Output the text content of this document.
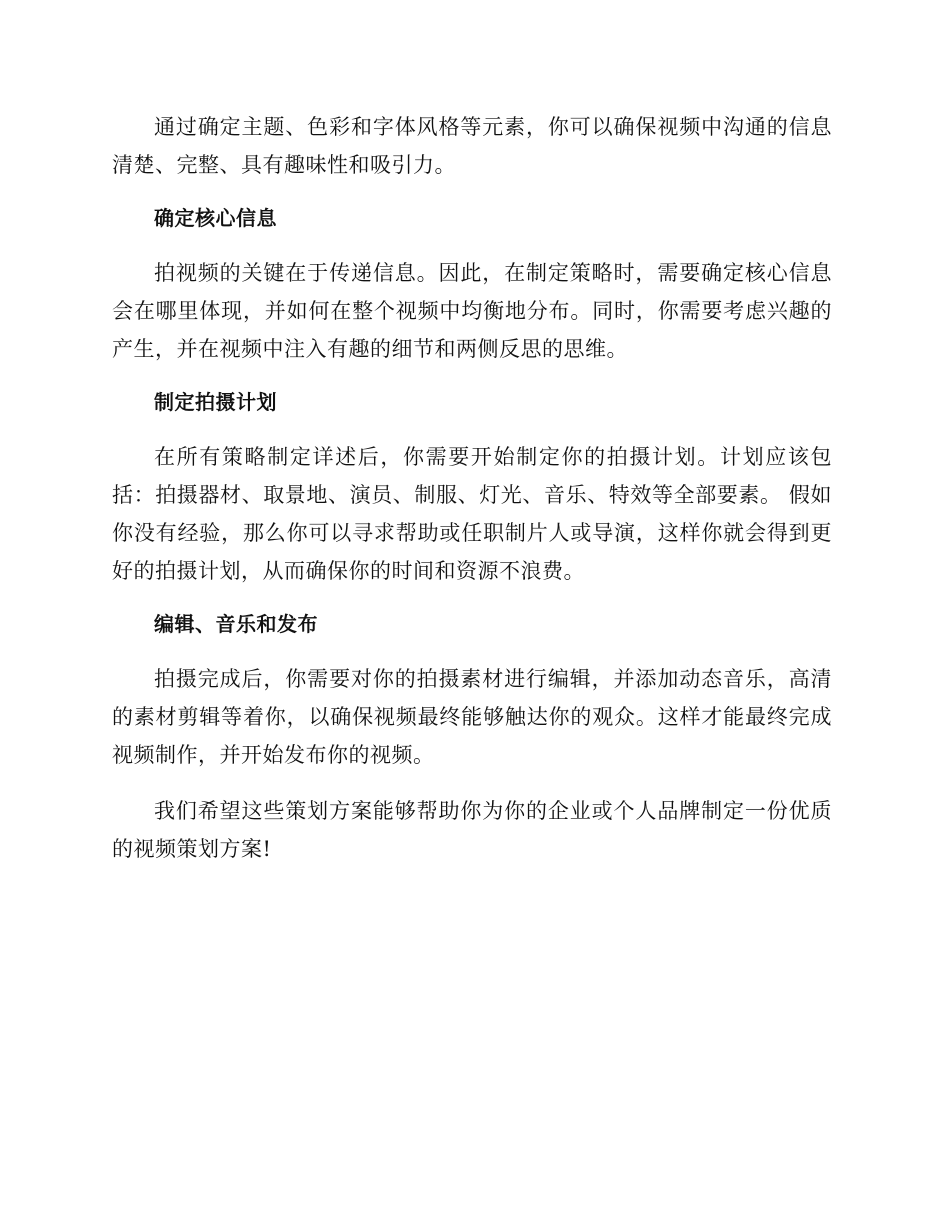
通过确定主题、色彩和字体风格等元素，你可以确保视频中沟通的信息清楚、完整、具有趣味性和吸引力。

确定核心信息

拍视频的关键在于传递信息。因此，在制定策略时，需要确定核心信息会在哪里体现，并如何在整个视频中均衡地分布。同时，你需要考虑兴趣的产生，并在视频中注入有趣的细节和两侧反思的思维。

制定拍摄计划

在所有策略制定详述后，你需要开始制定你的拍摄计划。计划应该包括：拍摄器材、取景地、演员、制服、灯光、音乐、特效等全部要素。 假如你没有经验，那么你可以寻求帮助或任职制片人或导演，这样你就会得到更好的拍摄计划，从而确保你的时间和资源不浪费。

编辑、音乐和发布

拍摄完成后，你需要对你的拍摄素材进行编辑，并添加动态音乐，高清的素材剪辑等着你，以确保视频最终能够触达你的观众。这样才能最终完成视频制作，并开始发布你的视频。

我们希望这些策划方案能够帮助你为你的企业或个人品牌制定一份优质的视频策划方案!
